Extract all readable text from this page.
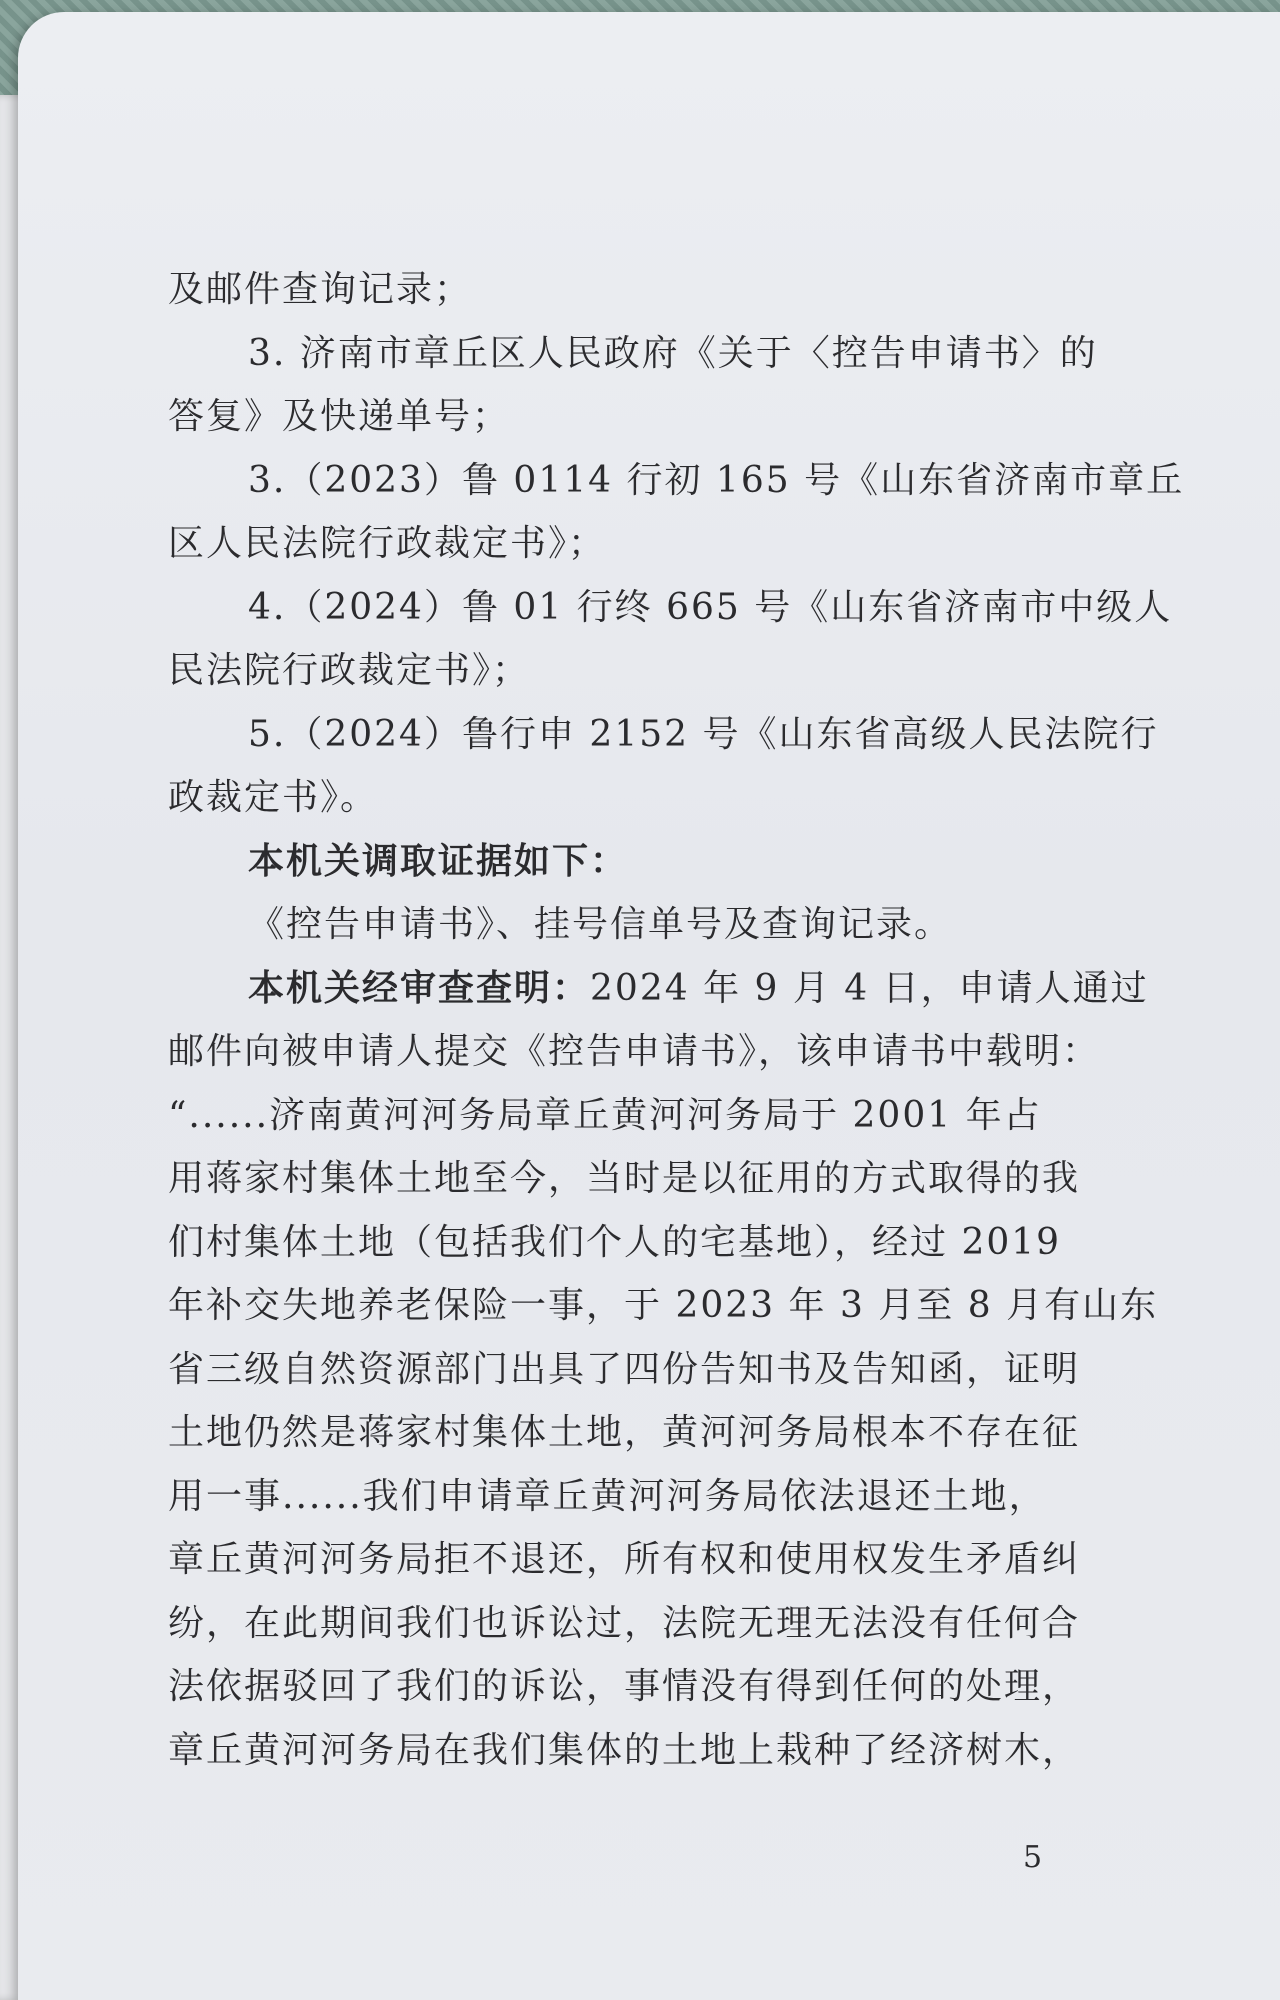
及邮件查询记录；
3. 济南市章丘区人民政府《关于〈控告申请书〉的
答复》及快递单号；
3.（2023）鲁 0114 行初 165 号《山东省济南市章丘
区人民法院行政裁定书》；
4.（2024）鲁 01 行终 665 号《山东省济南市中级人
民法院行政裁定书》；
5.（2024）鲁行申 2152 号《山东省高级人民法院行
政裁定书》。
本机关调取证据如下：
《控告申请书》、挂号信单号及查询记录。
本机关经审查查明：2024 年 9 月 4 日，申请人通过
邮件向被申请人提交《控告申请书》，该申请书中载明：
“......济南黄河河务局章丘黄河河务局于 2001 年占
用蒋家村集体土地至今，当时是以征用的方式取得的我
们村集体土地（包括我们个人的宅基地），经过 2019
年补交失地养老保险一事，于 2023 年 3 月至 8 月有山东
省三级自然资源部门出具了四份告知书及告知函，证明
土地仍然是蒋家村集体土地，黄河河务局根本不存在征
用一事......我们申请章丘黄河河务局依法退还土地，
章丘黄河河务局拒不退还，所有权和使用权发生矛盾纠
纷，在此期间我们也诉讼过，法院无理无法没有任何合
法依据驳回了我们的诉讼，事情没有得到任何的处理，
章丘黄河河务局在我们集体的土地上栽种了经济树木，
5
